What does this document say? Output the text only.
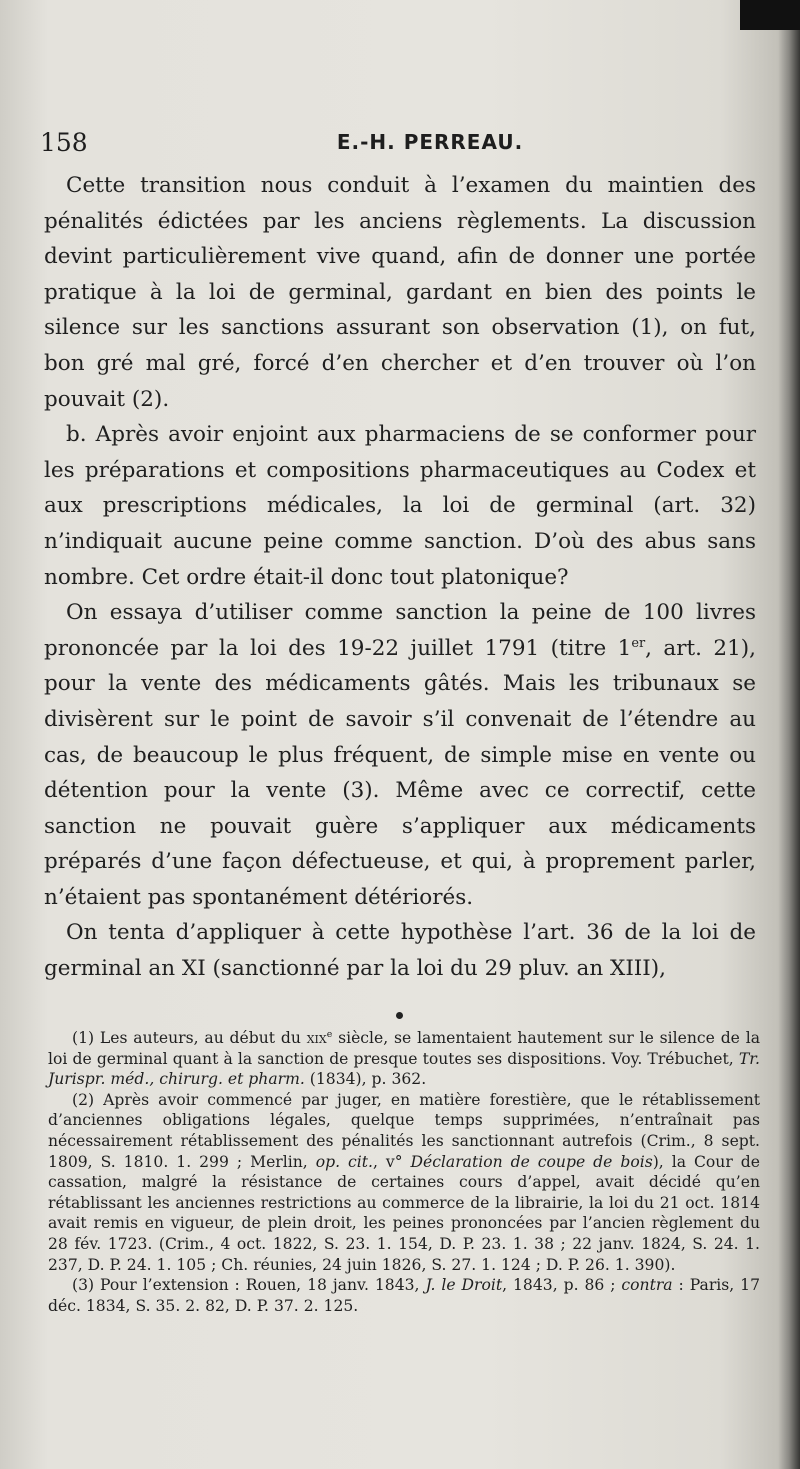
158	E.-H. PERREAU.

Cette transition nous conduit à l’examen du maintien des pénalités édictées par les anciens règlements. La discussion devint particulièrement vive quand, afin de donner une portée pratique à la loi de germinal, gardant en bien des points le silence sur les sanctions assurant son observation (1), on fut, bon gré mal gré, forcé d’en chercher et d’en trouver où l’on pouvait (2).

b. Après avoir enjoint aux pharmaciens de se conformer pour les préparations et compositions pharmaceutiques au Codex et aux prescriptions médicales, la loi de germinal (art. 32) n’indiquait aucune peine comme sanction. D’où des abus sans nombre. Cet ordre était-il donc tout platonique?

On essaya d’utiliser comme sanction la peine de 100 livres prononcée par la loi des 19-22 juillet 1791 (titre 1er, art. 21), pour la vente des médicaments gâtés. Mais les tribunaux se divisèrent sur le point de savoir s’il convenait de l’étendre au cas, de beaucoup le plus fréquent, de simple mise en vente ou détention pour la vente (3). Même avec ce correctif, cette sanction ne pouvait guère s’appliquer aux médicaments préparés d’une façon défectueuse, et qui, à proprement parler, n’étaient pas spontanément détériorés.

On tenta d’appliquer à cette hypothèse l’art. 36 de la loi de germinal an XI (sanctionné par la loi du 29 pluv. an XIII),

(1) Les auteurs, au début du xix$^e$ siècle, se lamentaient hautement sur le silence de la loi de germinal quant à la sanction de presque toutes ses dispositions. Voy. Trébuchet, Tr. Jurispr. méd., chirurg. et pharm. (1834), p. 362.

(2) Après avoir commencé par juger, en matière forestière, que le rétablissement d’anciennes obligations légales, quelque temps supprimées, n’entraînait pas nécessairement rétablissement des pénalités les sanctionnant autrefois (Crim., 8 sept. 1809, S. 1810. 1. 299 ; Merlin, op. cit., v° Déclaration de coupe de bois), la Cour de cassation, malgré la résistance de certaines cours d’appel, avait décidé qu’en rétablissant les anciennes restrictions au commerce de la librairie, la loi du 21 oct. 1814 avait remis en vigueur, de plein droit, les peines prononcées par l’ancien règlement du 28 fév. 1723. (Crim., 4 oct. 1822, S. 23. 1. 154, D. P. 23. 1. 38 ; 22 janv. 1824, S. 24. 1. 237, D. P. 24. 1. 105 ; Ch. réunies, 24 juin 1826, S. 27. 1. 124 ; D. P. 26. 1. 390).

(3) Pour l’extension : Rouen, 18 janv. 1843, J. le Droit, 1843, p. 86 ; contra : Paris, 17 déc. 1834, S. 35. 2. 82, D. P. 37. 2. 125.
